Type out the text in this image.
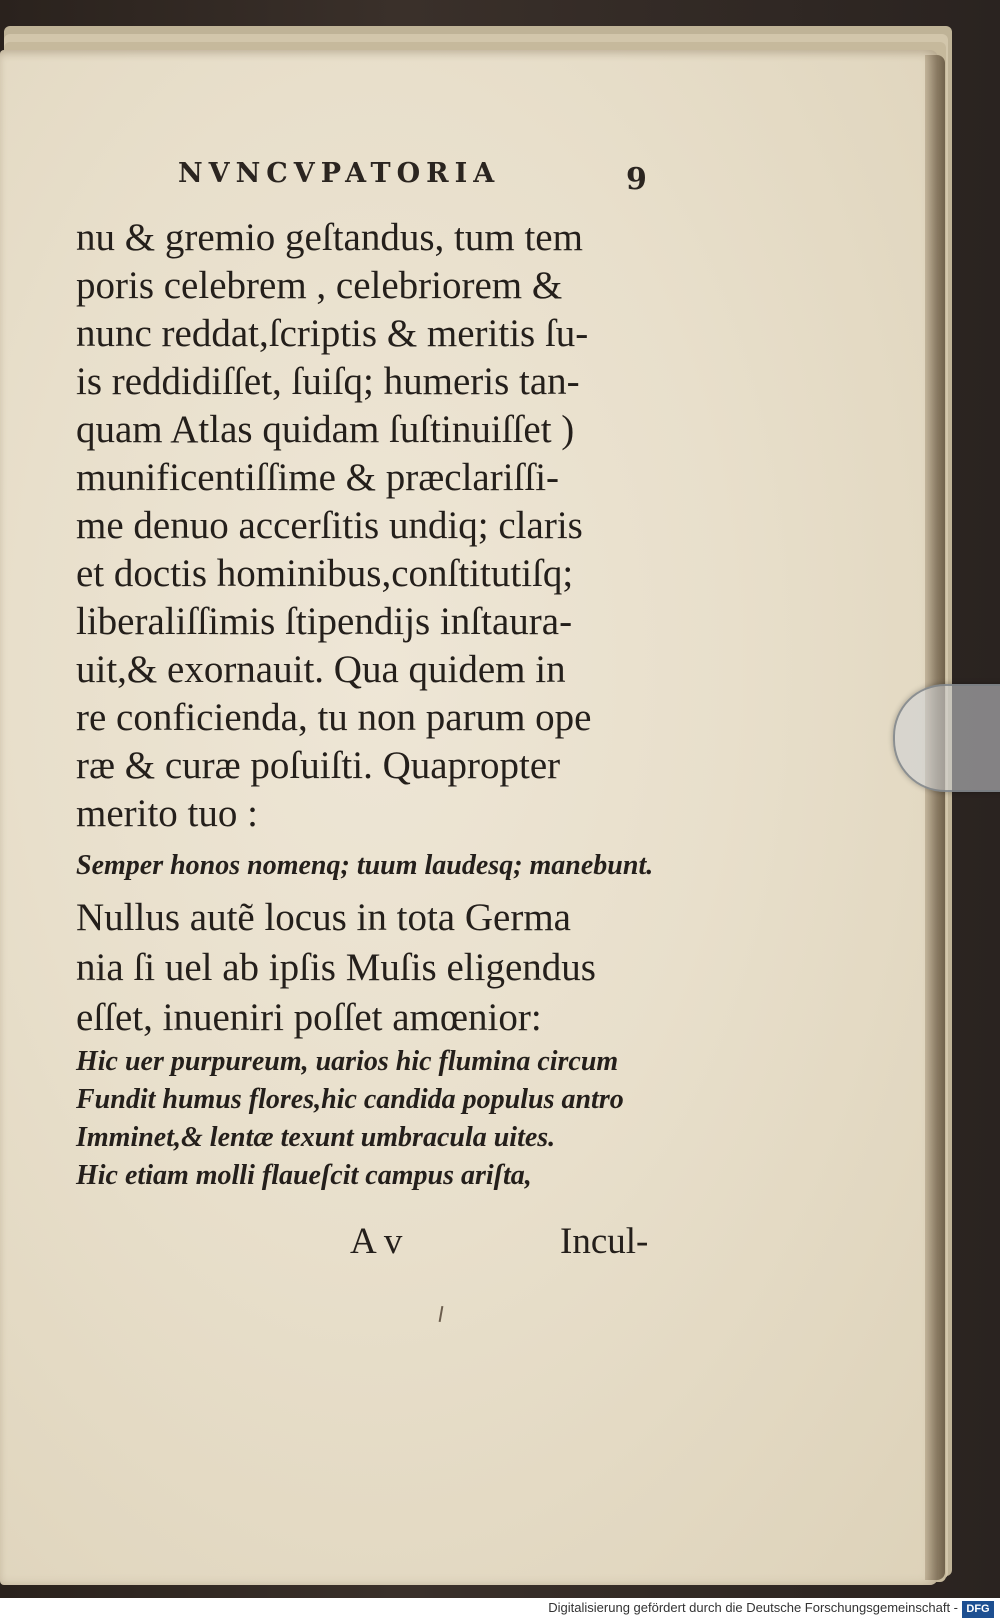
NVNCVPATORIA	9
nu & gremio geſtandus, tum tem
poris celebrem , celebriorem &
nunc reddat,ſcriptis & meritis ſu-
is reddidiſſet, ſuiſq; humeris tan-
quam Atlas quidam ſuſtinuiſſet )
munificentiſſime & præclariſſi-
me denuo accerſitis undiq; claris
et doctis hominibus,conſtitutiſq;
liberaliſſimis ſtipendijs inſtaura-
uit,& exornauit. Qua quidem in
re conficienda, tu non parum ope
ræ & curæ poſuiſti. Quapropter
merito tuo :
Semper honos nomenq; tuum laudesq; manebunt.
Nullus autẽ locus in tota Germa
nia ſi uel ab ipſis Muſis eligendus
eſſet, inueniri poſſet amœnior:
Hic uer purpureum, uarios hic flumina circum
Fundit humus flores,hic candida populus antro
Imminet,& lentæ texunt umbracula uites.
Hic etiam molli flaueſcit campus ariſta,
A v	Incul-
Digitalisierung gefördert durch die Deutsche Forschungsgemeinschaft - DFG
